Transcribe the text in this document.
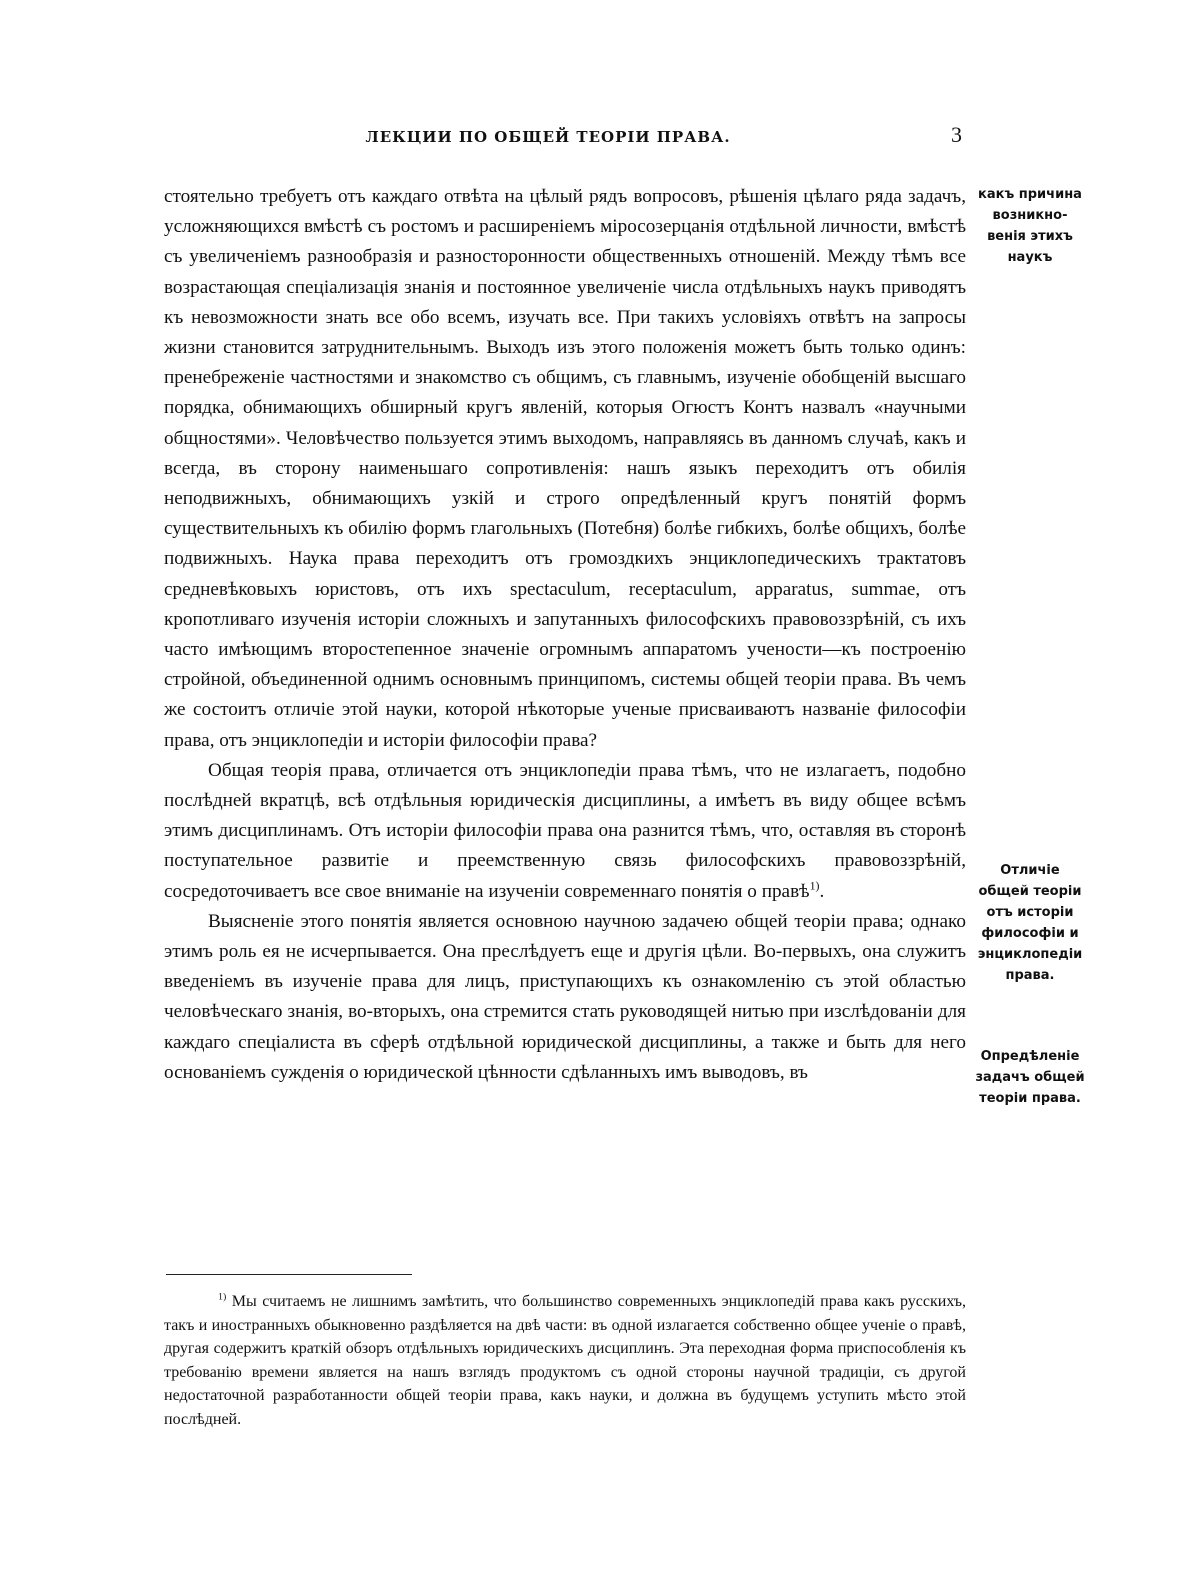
ЛЕКЦИИ ПО ОБЩЕЙ ТЕОРІИ ПРАВА.	3

стоятельно требуетъ отъ каждаго отвѣта на цѣлый рядъ вопросовъ, рѣшенія цѣлаго ряда задачъ, усложняющихся вмѣстѣ съ ростомъ и расширеніемъ міросозерцанія отдѣльной личности, вмѣстѣ съ увеличеніемъ разнообразія и разносторонности общественныхъ отношеній. Между тѣмъ все возрастающая спеціализація знанія и постоянное увеличеніе числа отдѣльныхъ наукъ приводятъ къ невозможности знать все обо всемъ, изучать все. При такихъ условіяхъ отвѣтъ на запросы жизни становится затруднительнымъ. Выходъ изъ этого положенія можетъ быть только одинъ: пренебреженіе частностями и знакомство съ общимъ, съ главнымъ, изученіе обобщеній высшаго порядка, обнимающихъ обширный кругъ явленій, которыя Огюстъ Контъ назвалъ «научными общностями». Человѣчество пользуется этимъ выходомъ, направляясь въ данномъ случаѣ, какъ и всегда, въ сторону наименьшаго сопротивленія: нашъ языкъ переходитъ отъ обилія неподвижныхъ, обнимающихъ узкій и строго опредѣленный кругъ понятій формъ существительныхъ къ обилію формъ глагольныхъ (Потебня) болѣе гибкихъ, болѣе общихъ, болѣе подвижныхъ. Наука права переходитъ отъ громоздкихъ энциклопедическихъ трактатовъ средневѣковыхъ юристовъ, отъ ихъ spectaculum, receptaculum, apparatus, summae, отъ кропотливаго изученія исторіи сложныхъ и запутанныхъ философскихъ правовоззрѣній, съ ихъ часто имѣющимъ второстепенное значеніе огромнымъ аппаратомъ учености—къ построенію стройной, объединенной однимъ основнымъ принципомъ, системы общей теоріи права. Въ чемъ же состоитъ отличіе этой науки, которой нѣкоторые ученые присваиваютъ названіе философіи права, отъ энциклопедіи и исторіи философіи права?

Общая теорія права, отличается отъ энциклопедіи права тѣмъ, что не излагаетъ, подобно послѣдней вкратцѣ, всѣ отдѣльныя юридическія дисциплины, а имѣетъ въ виду общее всѣмъ этимъ дисциплинамъ. Отъ исторіи философіи права она разнится тѣмъ, что, оставляя въ сторонѣ поступательное развитіе и преемственную связь философскихъ правовоззрѣній, сосредоточиваетъ все свое вниманіе на изученіи современнаго понятія о правѣ$^{1)}$.

Выясненіе этого понятія является основною научною задачею общей теоріи права; однако этимъ роль ея не исчерпывается. Она преслѣдуетъ еще и другія цѣли. Во-первыхъ, она служитъ введеніемъ въ изученіе права для лицъ, приступающихъ къ ознакомленію съ этой областью человѣческаго знанія, во-вторыхъ, она стремится стать руководящей нитью при изслѣдованіи для каждаго спеціалиста въ сферѣ отдѣльной юридической дисциплины, а также и быть для него основаніемъ сужденія о юридической цѣнности сдѣланныхъ имъ выводовъ, въ

какъ причина
возникно-
венія этихъ
наукъ
Отличіе
общей теоріи
отъ исторіи
философіи и
энциклопедіи
права.
Опредѣленіе
задачъ общей
теоріи права.

$^{1)}$ Мы считаемъ не лишнимъ замѣтить, что большинство современныхъ энциклопедій права какъ русскихъ, такъ и иностранныхъ обыкновенно раздѣляется на двѣ части: въ одной излагается собственно общее ученіе о правѣ, другая содержитъ краткій обзоръ отдѣльныхъ юридическихъ дисциплинъ. Эта переходная форма приспособленія къ требованію времени является на нашъ взглядъ продуктомъ съ одной стороны научной традиціи, съ другой недостаточной разработанности общей теоріи права, какъ науки, и должна въ будущемъ уступить мѣсто этой послѣдней.
